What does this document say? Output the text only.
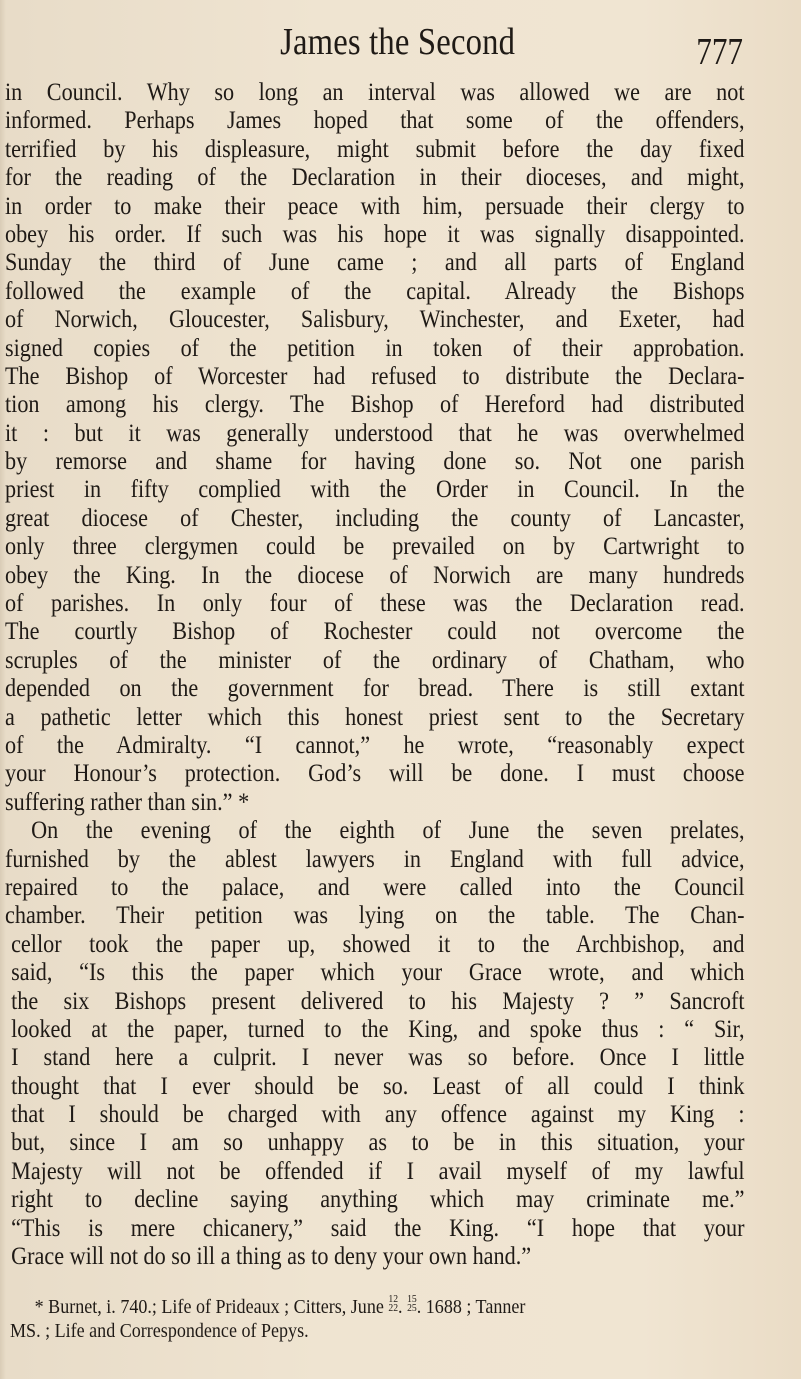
James the Second	777
in Council. Why so long an interval was allowed we are not
informed. Perhaps James hoped that some of the offenders,
terrified by his displeasure, might submit before the day fixed
for the reading of the Declaration in their dioceses, and might,
in order to make their peace with him, persuade their clergy to
obey his order. If such was his hope it was signally disappointed.
Sunday the third of June came ; and all parts of England
followed the example of the capital. Already the Bishops
of Norwich, Gloucester, Salisbury, Winchester, and Exeter, had
signed copies of the petition in token of their approbation.
The Bishop of Worcester had refused to distribute the Declara-
tion among his clergy. The Bishop of Hereford had distributed
it : but it was generally understood that he was overwhelmed
by remorse and shame for having done so. Not one parish
priest in fifty complied with the Order in Council. In the
great diocese of Chester, including the county of Lancaster,
only three clergymen could be prevailed on by Cartwright to
obey the King. In the diocese of Norwich are many hundreds
of parishes. In only four of these was the Declaration read.
The courtly Bishop of Rochester could not overcome the
scruples of the minister of the ordinary of Chatham, who
depended on the government for bread. There is still extant
a pathetic letter which this honest priest sent to the Secretary
of the Admiralty. “I cannot,” he wrote, “reasonably expect
your Honour’s protection. God’s will be done. I must choose
suffering rather than sin.” *
On the evening of the eighth of June the seven prelates,
furnished by the ablest lawyers in England with full advice,
repaired to the palace, and were called into the Council
chamber. Their petition was lying on the table. The Chan-
cellor took the paper up, showed it to the Archbishop, and
said, “Is this the paper which your Grace wrote, and which
the six Bishops present delivered to his Majesty ? ” Sancroft
looked at the paper, turned to the King, and spoke thus : “ Sir,
I stand here a culprit. I never was so before. Once I little
thought that I ever should be so. Least of all could I think
that I should be charged with any offence against my King :
but, since I am so unhappy as to be in this situation, your
Majesty will not be offended if I avail myself of my lawful
right to decline saying anything which may criminate me.”
“This is mere chicanery,” said the King. “I hope that your
Grace will not do so ill a thing as to deny your own hand.”
* Burnet, i. 740.; Life of Prideaux ; Citters, June 12
22 . 15
25 . 1688 ; Tanner
MS. ; Life and Correspondence of Pepys.
